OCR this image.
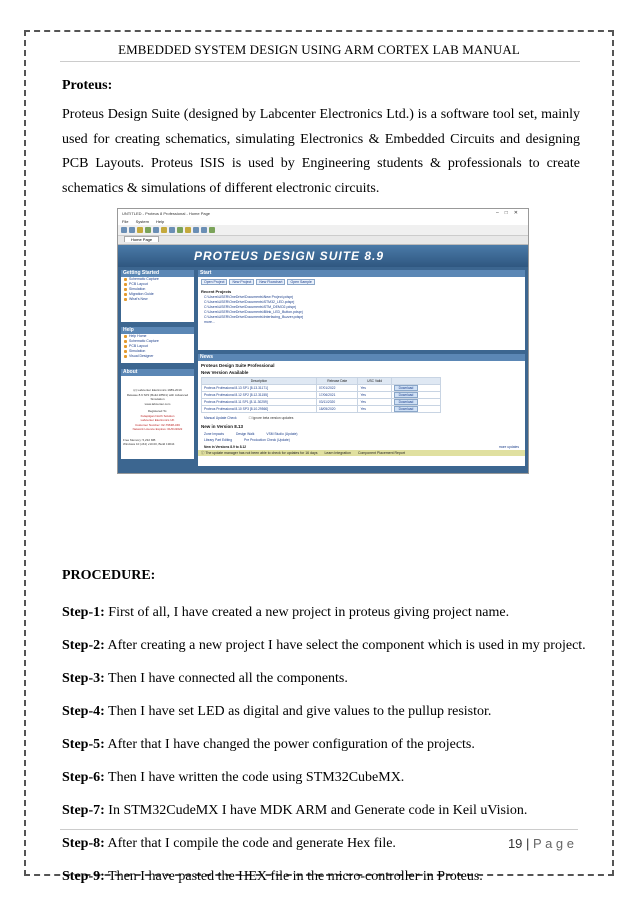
EMBEDDED SYSTEM DESIGN USING ARM CORTEX LAB MANUAL
Proteus:
Proteus Design Suite (designed by Labcenter Electronics Ltd.) is a software tool set, mainly used for creating schematics, simulating Electronics & Embedded Circuits and designing PCB Layouts. Proteus ISIS is used by Engineering students & professionals to create schematics & simulations of different electronic circuits.
UNTITLED - Proteus 8 Professional - Home Page	–□✕
File System Help
Home Page
PROTEUS DESIGN SUITE 8.9
Getting Started
Schematic Capture
PCB Layout
Simulation
Migration Guide
What's New
Help
Help Home
Schematic Capture
PCB Layout
Simulation
Visual Designer
About
(c) Labcenter Electronics 1989-2019
Release 8.9 SP2 (Build 28501) with Advanced Simulation
www.labcenter.com
Registered To:
Kulapilgan North Solution
Labcenter Electronics UK
Customer Number: 02-79638-346
Network Licence Expires: 01/01/2022
Free Memory: 5,232 MB
Windows 10 (x64) v10.00, Build 19044
Start
Open Project	New Project	New Flowchart	Open Sample
Recent Projects
C:\Users\USER\OneDrive\Documents\New Project.pdsprj
C:\Users\USER\OneDrive\Documents\STM32_LED.pdsprj
C:\Users\USER\OneDrive\Documents\STM_DEMO2.pdsprj
C:\Users\USER\OneDrive\Documents\Blink_LED_Button.pdsprj
C:\Users\USER\OneDrive\Documents\Interfacing_Buzzer.pdsprj
more...
News
Proteus Design Suite Professional
New Version Available
Description	Release Date	USC Valid	
Proteus Professional 8.13 SP1 [8.13.31171]	07/01/2022	Yes	Download
Proteus Professional 8.12 SP2 [8.12.31155]	17/06/2021	Yes	Download
Proteus Professional 8.11 SP1 [8.11.30259]	03/11/2020	Yes	Download
Proteus Professional 8.10 SP3 [8.10.29560]	18/05/2020	Yes	Download
Manual Update Check	☐ Ignore beta version updates
New in Version 8.13
Zone Impacts	Design Walk	VSM Studio (Update)
Library Part Editing	Pre Production Check (Update)
New in Versions 8.9 to 8.12	more updates
ⓘ The update manager has not been able to check for updates for 16 days Learn Integration Component Placement Report
PROCEDURE:
Step-1: First of all, I have created a new project in proteus giving project name.
Step-2: After creating a new project I have select the component which is used in my project.
Step-3: Then I have connected all the components.
Step-4: Then I have set LED as digital and give values to the pullup resistor.
Step-5: After that I have changed the power configuration of the projects.
Step-6: Then I have written the code using STM32CubeMX.
Step-7: In STM32CudeMX I have MDK ARM and Generate code in Keil uVision.
Step-8: After that I compile the code and generate Hex file.
Step-9: Then I have pasted the HEX file in the micro-controller in Proteus.
19 | P a g e
